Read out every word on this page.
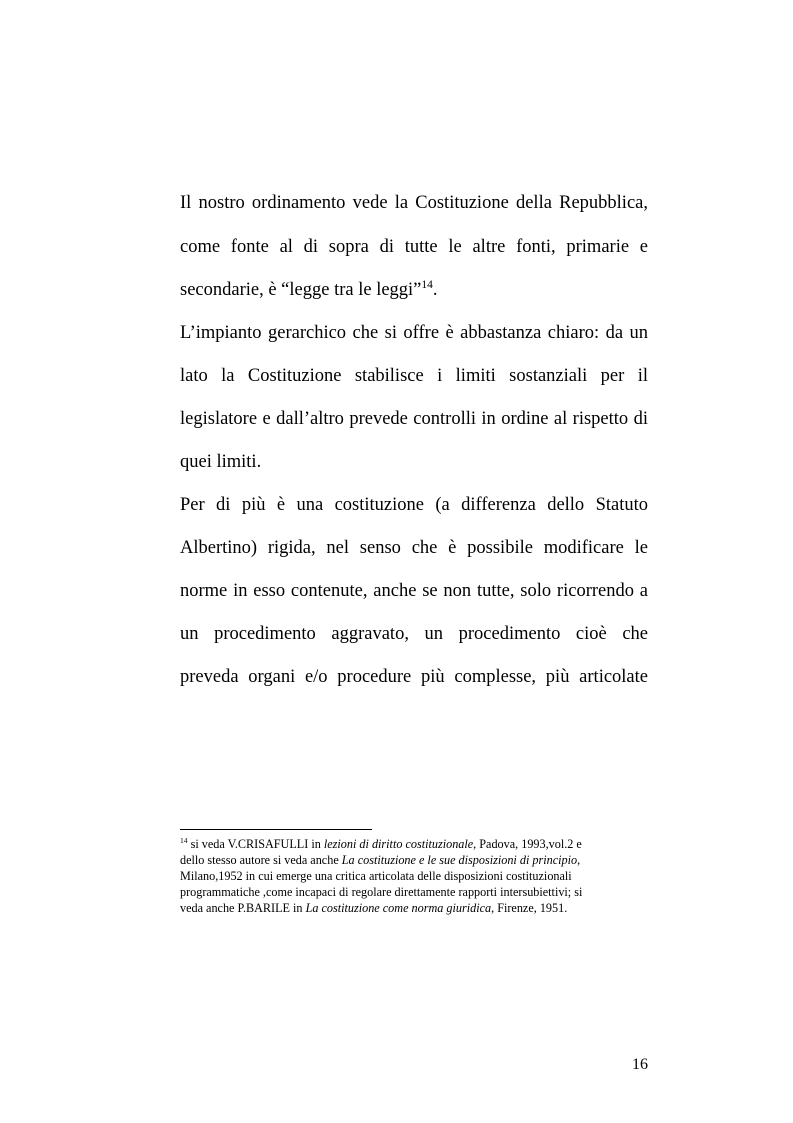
Il nostro ordinamento vede la Costituzione della Repubblica,
come fonte al di sopra di tutte le altre fonti, primarie e
secondarie, è “legge tra le leggi”$^{14}$.
L’impianto gerarchico che si offre è abbastanza chiaro: da un
lato la Costituzione stabilisce i limiti sostanziali per il
legislatore e dall’altro prevede controlli in ordine al rispetto di
quei limiti.
Per di più è una costituzione (a differenza dello Statuto
Albertino) rigida, nel senso che è possibile modificare le
norme in esso contenute, anche se non tutte, solo ricorrendo a
un procedimento aggravato, un procedimento cioè che
preveda organi e/o procedure più complesse, più articolate
$^{14}$ si veda V.CRISAFULLI in lezioni di diritto costituzionale, Padova, 1993,vol.2 e
dello stesso autore si veda anche La costituzione e le sue disposizioni di principio,
Milano,1952 in cui emerge una critica articolata delle disposizioni costituzionali
programmatiche ,come incapaci di regolare direttamente rapporti intersubiettivi; si
veda anche P.BARILE in La costituzione come norma giuridica, Firenze, 1951.
16
